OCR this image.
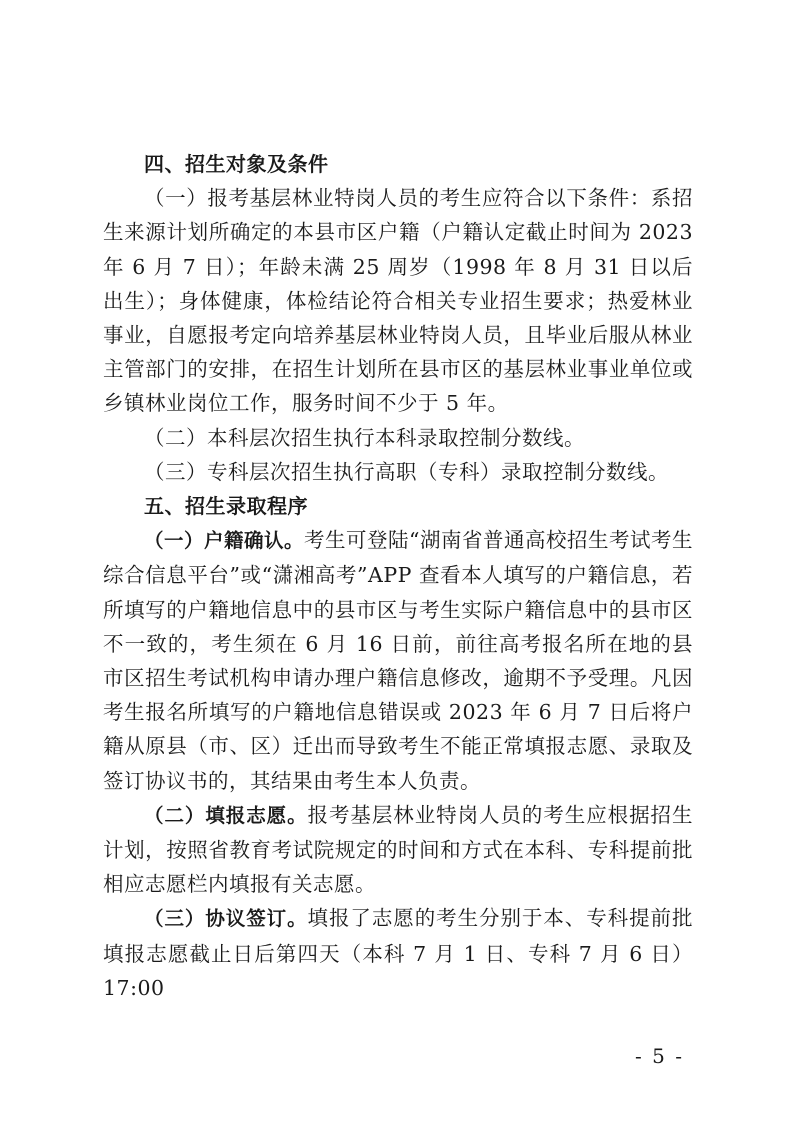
四、招生对象及条件

（一）报考基层林业特岗人员的考生应符合以下条件：系招生来源计划所确定的本县市区户籍（户籍认定截止时间为 2023 年 6 月 7 日）；年龄未满 25 周岁（1998 年 8 月 31 日以后出生）；身体健康，体检结论符合相关专业招生要求；热爱林业事业，自愿报考定向培养基层林业特岗人员，且毕业后服从林业主管部门的安排，在招生计划所在县市区的基层林业事业单位或乡镇林业岗位工作，服务时间不少于 5 年。

（二）本科层次招生执行本科录取控制分数线。

（三）专科层次招生执行高职（专科）录取控制分数线。

五、招生录取程序

（一）户籍确认。考生可登陆“湖南省普通高校招生考试考生综合信息平台”或“潇湘高考”APP 查看本人填写的户籍信息，若所填写的户籍地信息中的县市区与考生实际户籍信息中的县市区不一致的，考生须在 6 月 16 日前，前往高考报名所在地的县市区招生考试机构申请办理户籍信息修改，逾期不予受理。凡因考生报名所填写的户籍地信息错误或 2023 年 6 月 7 日后将户籍从原县（市、区）迁出而导致考生不能正常填报志愿、录取及签订协议书的，其结果由考生本人负责。

（二）填报志愿。报考基层林业特岗人员的考生应根据招生计划，按照省教育考试院规定的时间和方式在本科、专科提前批相应志愿栏内填报有关志愿。

（三）协议签订。填报了志愿的考生分别于本、专科提前批填报志愿截止日后第四天（本科 7 月 1 日、专科 7 月 6 日）17:00

- 5 -
